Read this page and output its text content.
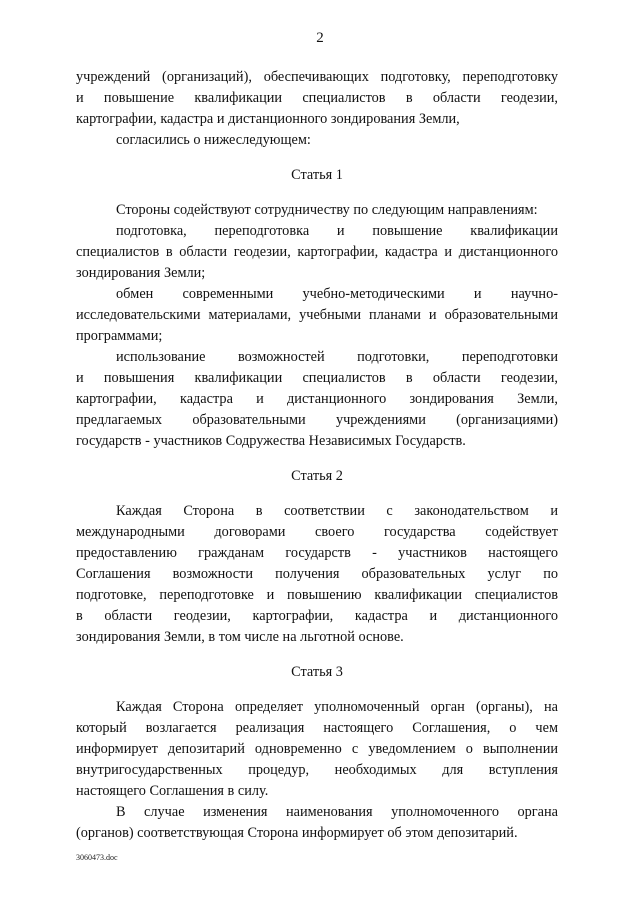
2
учреждений (организаций), обеспечивающих подготовку, переподготовку
и повышение квалификации специалистов в области геодезии,
картографии, кадастра и дистанционного зондирования Земли,
согласились о нижеследующем:
Статья 1
Стороны содействуют сотрудничеству по следующим направлениям:
подготовка, переподготовка и повышение квалификации
специалистов в области геодезии, картографии, кадастра и дистанционного
зондирования Земли;
обмен современными учебно-методическими и научно-
исследовательскими материалами, учебными планами и образовательными
программами;
использование возможностей подготовки, переподготовки
и повышения квалификации специалистов в области геодезии,
картографии, кадастра и дистанционного зондирования Земли,
предлагаемых образовательными учреждениями (организациями)
государств - участников Содружества Независимых Государств.
Статья 2
Каждая Сторона в соответствии с законодательством и
международными договорами своего государства содействует
предоставлению гражданам государств - участников настоящего
Соглашения возможности получения образовательных услуг по
подготовке, переподготовке и повышению квалификации специалистов
в области геодезии, картографии, кадастра и дистанционного
зондирования Земли, в том числе на льготной основе.
Статья 3
Каждая Сторона определяет уполномоченный орган (органы), на
который возлагается реализация настоящего Соглашения, о чем
информирует депозитарий одновременно с уведомлением о выполнении
внутригосударственных процедур, необходимых для вступления
настоящего Соглашения в силу.
В случае изменения наименования уполномоченного органа
(органов) соответствующая Сторона информирует об этом депозитарий.
3060473.doc
